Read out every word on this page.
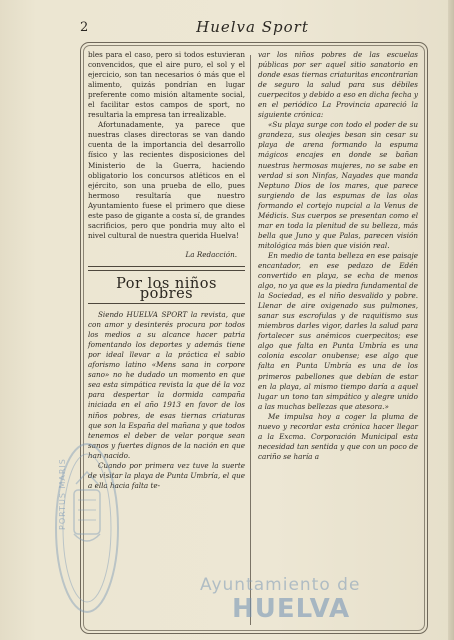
2	Huelva Sport

bles para el caso, pero si todos estuvieran convencidos, que el aire puro, el sol y el ejercicio, son tan necesarios ó más que el alimento, quizás pondrían en lugar preferente como misión altamente social, el facilitar estos campos de sport, no resultaria la empresa tan irrealizable.

Afortunadamente, ya parece que nuestras clases directoras se van dando cuenta de la importancia del desarrollo físico y las recientes disposiciones del Ministerio de la Guerra, haciendo obligatorio los concursos atléticos en el ejército, son una prueba de ello, pues hermoso resultaría que nuestro Ayuntamiento fuese el primero que diese este paso de gigante a costa sí, de grandes sacrificios, pero que pondria muy alto el nivel cultural de nuestra querida Huelva!

La Redacción.

Por los niños pobres

Siendo HUELVA SPORT la revista, que con amor y desinterés procura por todos los medios a su alcance hacer patria fomentando los deportes y además tiene por ideal llevar a la práctica el sabio aforismo latino «Mens sana in corpore sano» no he dudado un momento en que sea esta simpática revista la que dé la voz para despertar la dormida campaña iniciada en el año 1913 en favor de los niños pobres, de esas tiernas criaturas que son la España del mañana y que todos tenemos el deber de velar porque sean sanos y fuertes dignos de la nación en que han nacido.

Cuando por primera vez tuve la suerte de visitar la playa de Punta Umbría, el que a ella hacia falta te-

var los niños pobres de las escuelas públicas por ser aquel sitio sanatorio en donde esas tiernas criaturitas encontrarían de seguro la salud para sus débiles cuerpecitos y debido a eso en dicha fecha y en el periódico La Provincia apareció la siguiente crónica:

«Su playa surge con todo el poder de su grandeza, sus oleajes besan sin cesar su playa de arena formando la espuma mágicos encajes en donde se bañan nuestras hermosas mujeres, no se sabe en verdad si son Ninfas, Nayades que manda Neptuno Dios de los mares, que parece surgiendo de las espumas de las olas formando el cortejo nupcial a la Venus de Médicis. Sus cuerpos se presentan como el mar en toda la plenitud de su belleza, más bella que Juno y que Palas, parecen visión mitológica más bien que visión real.

En medio de tanta belleza en ese paisaje encantador, en ese pedazo de Edén convertido en playa, se echa de menos algo, no ya que es la piedra fundamental de la Sociedad, es el niño desvalido y pobre. Llenar de aire oxigenado sus pulmones, sanar sus escrofulas y de raquitismo sus miembros darles vigor, darles la salud para fortalecer sus anémicos cuerpecitos; ese algo que falta en Punta Umbría es una colonia escolar onubense; ese algo que falta en Punta Umbría es una de los primeros pabellones que debían de estar en la playa, al mismo tiempo daría a aquel lugar un tono tan simpático y alegre unido a las muchas bellezas que atesora.»

Me impulsa hoy a coger la pluma de nuevo y recordar esta crónica hacer llegar a la Excma. Corporación Municipal esta necesidad tan sentida y que con un poco de cariño se haría a

PORTUS MARIS
Ayuntamiento de
HUELVA
